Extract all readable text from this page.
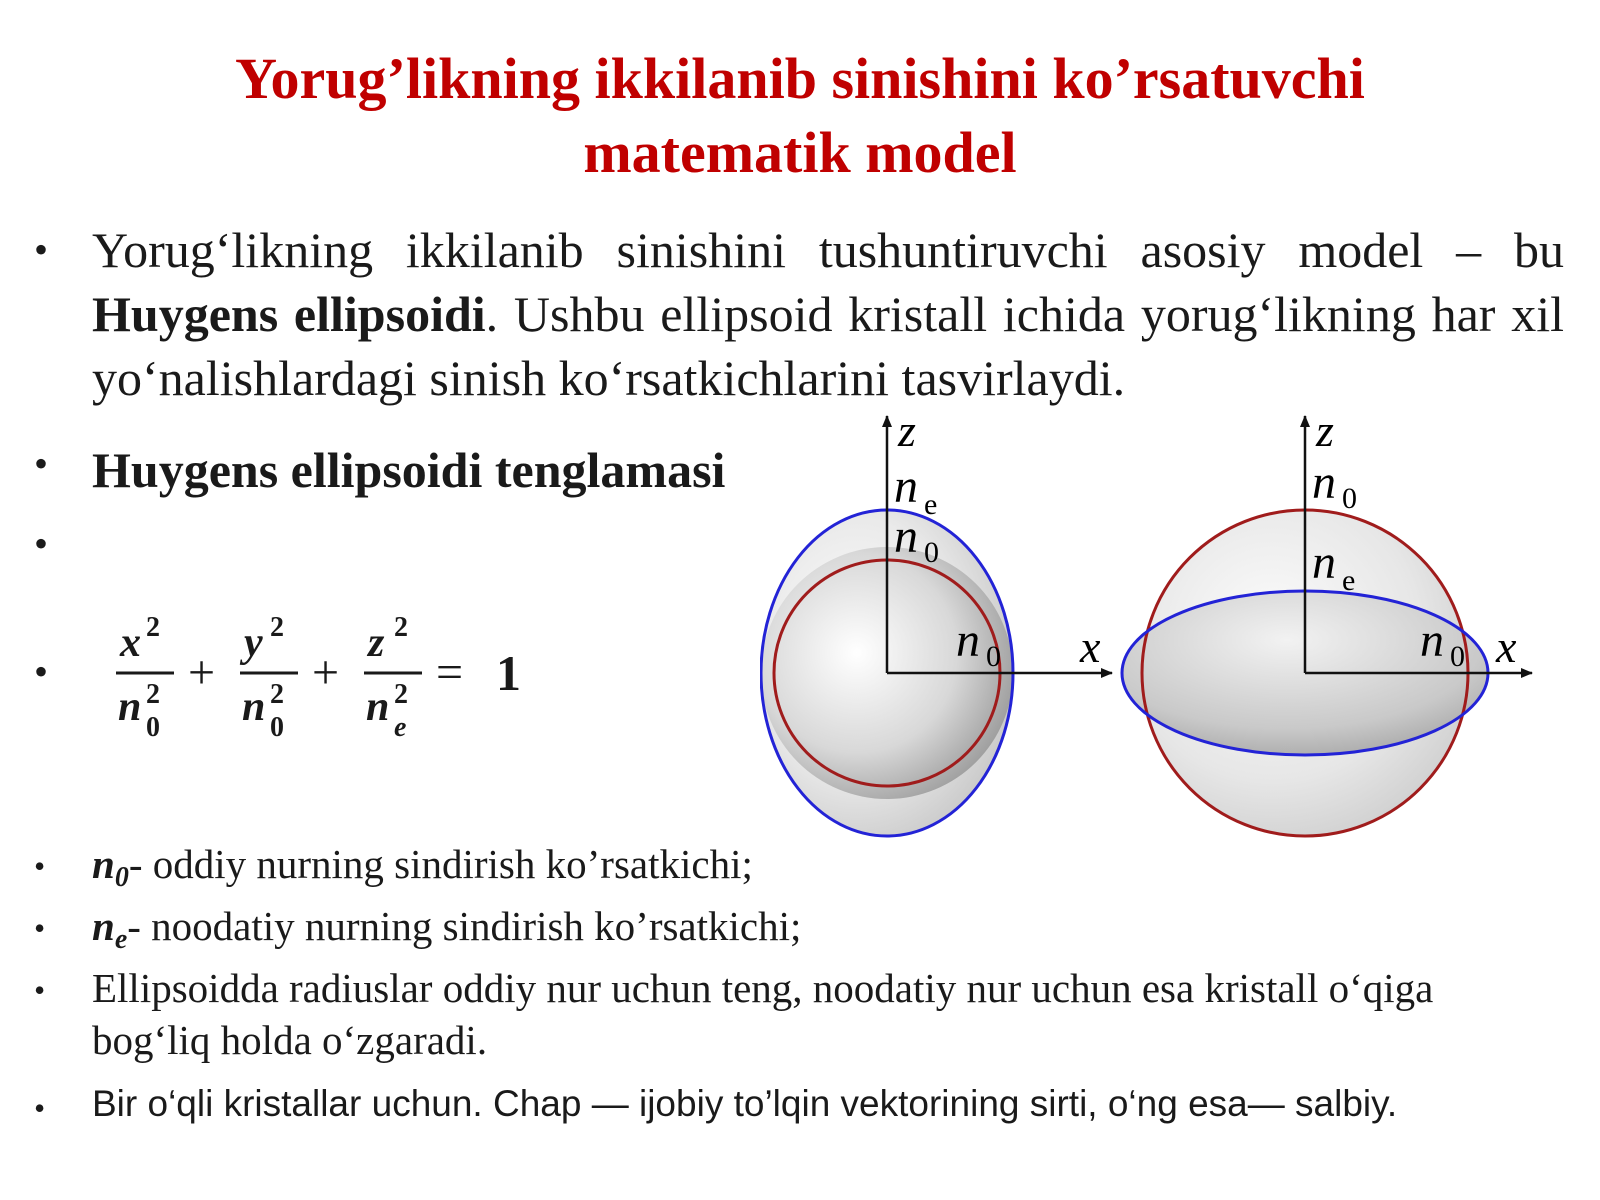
Yorug’likning ikkilanib sinishini ko’rsatuvchi
matematik model
• Yorug‘likning ikkilanib sinishini tushuntiruvchi asosiy model – bu Huygens ellipsoidi. Ushbu ellipsoid kristall ichida yorug‘likning har xil yo‘nalishlardagi sinish ko‘rsatkichlarini tasvirlaydi.
• Huygens ellipsoidi tenglamasi
•
•
x 2
n 2
0
+
y 2
n 2
0
+
z 2
n 2
e
= 1
z
x
n e
n 0
n 0
z
x
n 0
n e
n 0
• $n_0-$ oddiy nurning sindirish ko’rsatkichi;
• $n_e-$ noodatiy nurning sindirish ko’rsatkichi;
• Ellipsoidda radiuslar oddiy nur uchun teng, noodatiy nur uchun esa kristall o‘qiga
bog‘liq holda o‘zgaradi.
• Bir o‘qli kristallar uchun. Chap — ijobiy to’lqin vektorining sirti, o‘ng esa— salbiy.
